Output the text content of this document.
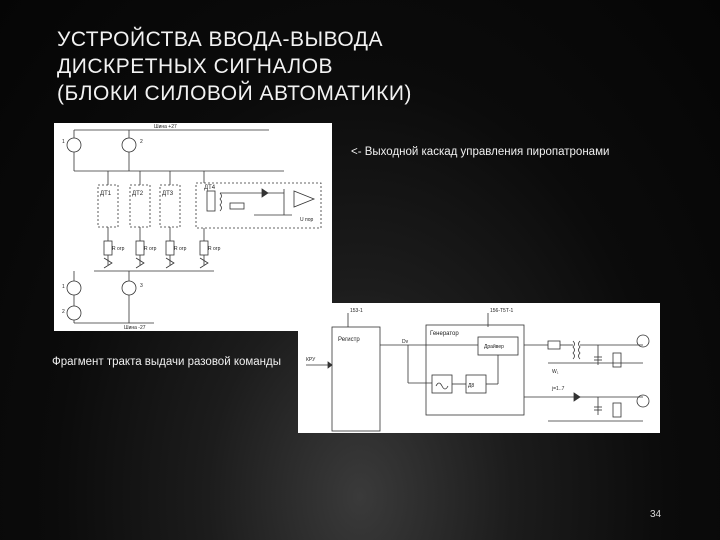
УСТРОЙСТВА ВВОДА-ВЫВОДА
ДИСКРЕТНЫХ СИГНАЛОВ
(БЛОКИ СИЛОВОЙ АВТОМАТИКИ)
Шина +27
Шина -27
ДТ1	ДТ2	ДТ3
ДТ4
R огр	R огр	R огр	R огр
U пор
1	2
1
2
3
153-1	156-Т5Т-1
Регистр
Генератор
Драйвер
Dv
КРУ
W₁
j=1..7
Д8
<- Выходной каскад управления пиропатронами
Фрагмент тракта выдачи разовой команды
34
